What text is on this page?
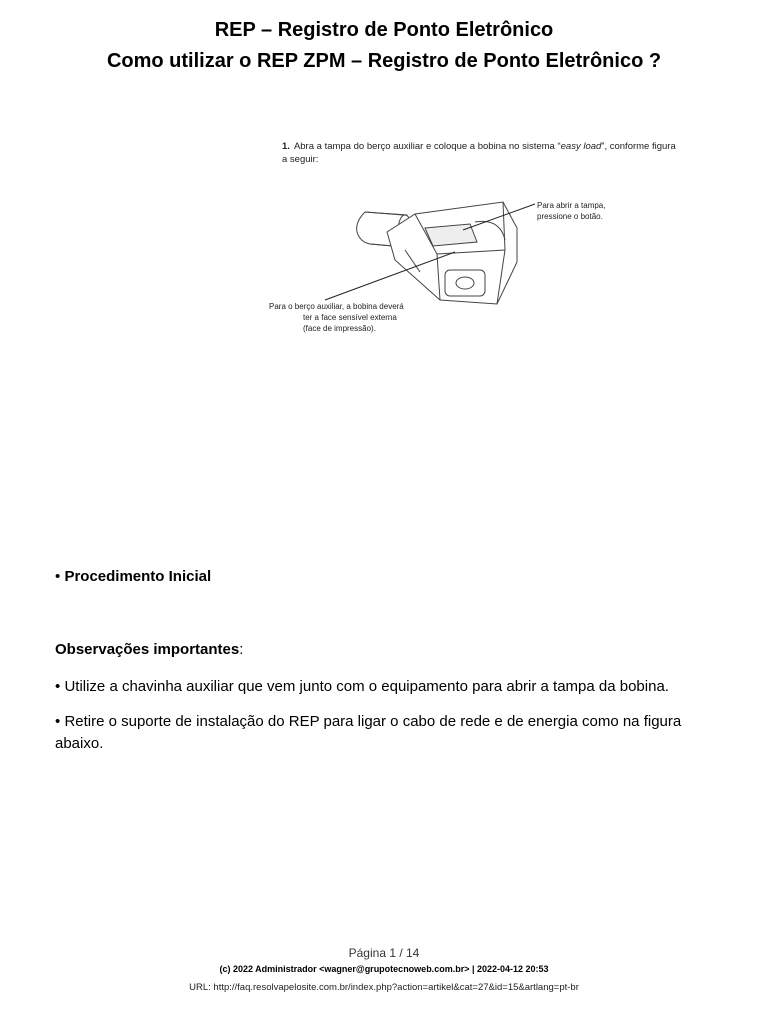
REP – Registro de Ponto Eletrônico
Como utilizar o REP ZPM – Registro de Ponto Eletrônico ?
1. Abra a tampa do berço auxiliar e coloque a bobina no sistema “easy load”, conforme figura a seguir:
Para abrir a tampa,
pressione o botão.
Para o berço auxiliar, a bobina deverá
ter a face sensível externa
(face de impressão).

• Procedimento Inicial

Observações importantes:

• Utilize a chavinha auxiliar que vem junto com o equipamento para abrir a tampa da bobina.

• Retire o suporte de instalação do REP para ligar o cabo de rede e de energia como na figura abaixo.

Página 1 / 14
(c) 2022 Administrador <wagner@grupotecnoweb.com.br> | 2022-04-12 20:53
URL: http://faq.resolvapelosite.com.br/index.php?action=artikel&cat=27&id=15&artlang=pt-br
